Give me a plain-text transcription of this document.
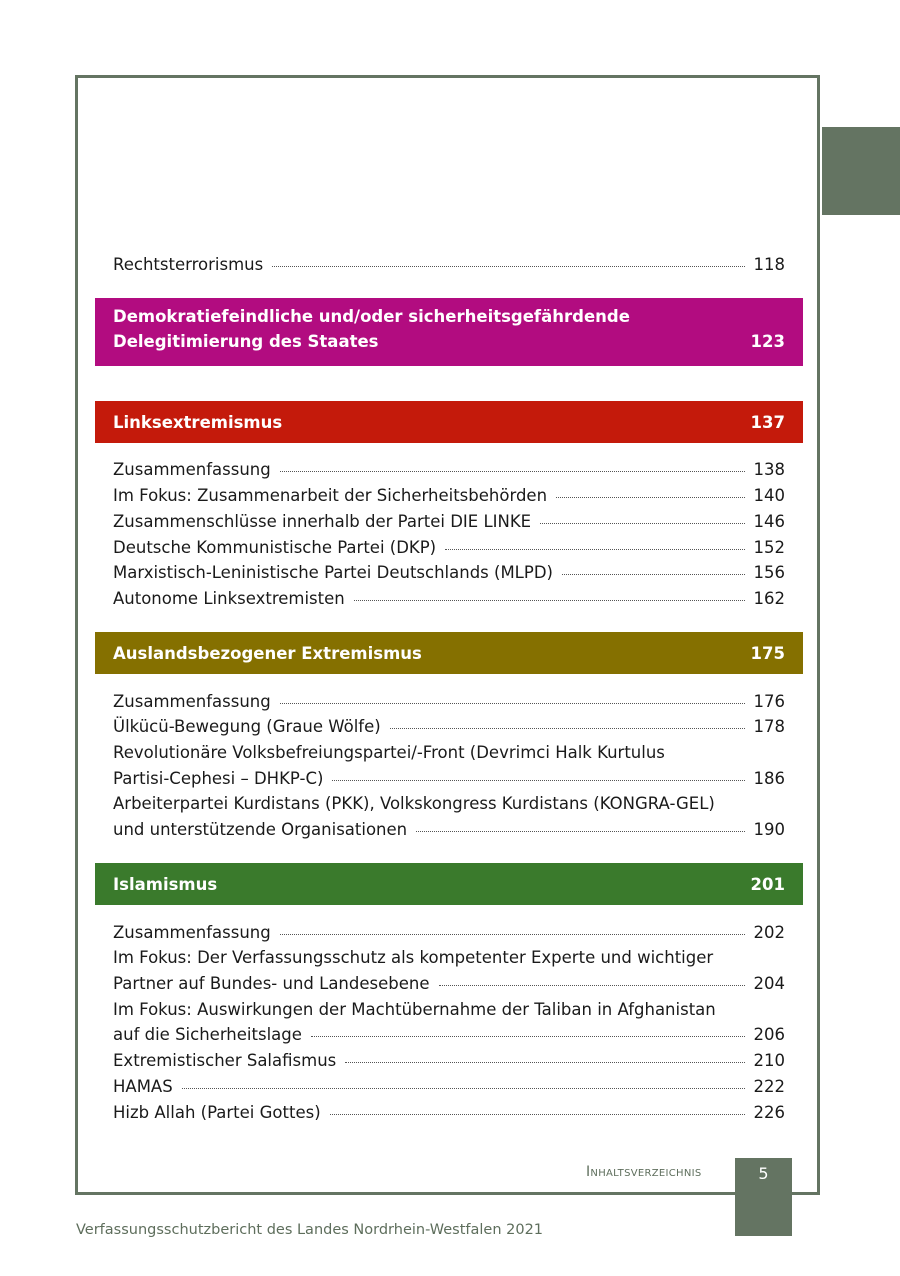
Rechtsterrorismus	118
Demokratiefeindliche und/oder sicherheitsgefährdende
Delegitimierung des Staates	123
Linksextremismus	137
Zusammenfassung	138
Im Fokus: Zusammenarbeit der Sicherheitsbehörden	140
Zusammenschlüsse innerhalb der Partei DIE LINKE	146
Deutsche Kommunistische Partei (DKP)	152
Marxistisch-Leninistische Partei Deutschlands (MLPD)	156
Autonome Linksextremisten	162
Auslandsbezogener Extremismus	175
Zusammenfassung	176
Ülkücü-Bewegung (Graue Wölfe)	178
Revolutionäre Volksbefreiungspartei/-Front (Devrimci Halk Kurtulus
Partisi-Cephesi – DHKP-C)	186
Arbeiterpartei Kurdistans (PKK), Volkskongress Kurdistans (KONGRA-GEL)
und unterstützende Organisationen	190
Islamismus	201
Zusammenfassung	202
Im Fokus: Der Verfassungsschutz als kompetenter Experte und wichtiger
Partner auf Bundes- und Landesebene	204
Im Fokus: Auswirkungen der Machtübernahme der Taliban in Afghanistan
auf die Sicherheitslage	206
Extremistischer Salafismus	210
HAMAS	222
Hizb Allah (Partei Gottes)	226
Inhaltsverzeichnis	5
Verfassungsschutzbericht des Landes Nordrhein-Westfalen 2021
